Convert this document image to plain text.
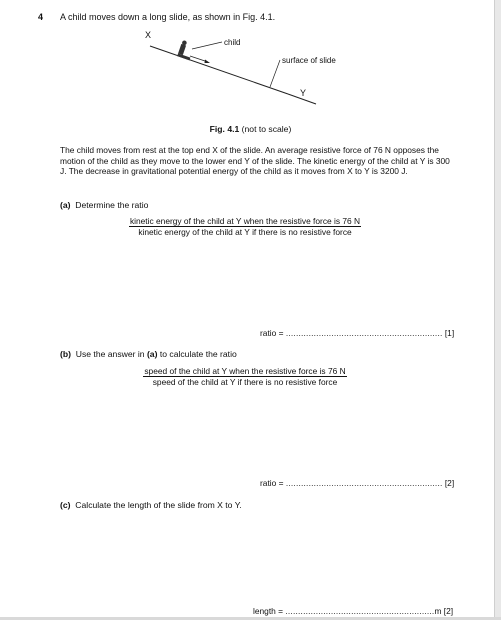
4 A child moves down a long slide, as shown in Fig. 4.1.
X
child
surface of slide
Y
Fig. 4.1 (not to scale)
The child moves from rest at the top end X of the slide. An average resistive force of 76 N opposes the motion of the child as they move to the lower end Y of the slide. The kinetic energy of the child at Y is 300 J. The decrease in gravitational potential energy of the child as it moves from X to Y is 3200 J.
(a) Determine the ratio
kinetic energy of the child at Y when the resistive force is 76 N
kinetic energy of the child at Y if there is no resistive force
ratio = .............................................................. [1]
(b) Use the answer in (a) to calculate the ratio
speed of the child at Y when the resistive force is 76 N
speed of the child at Y if there is no resistive force
ratio = .............................................................. [2]
(c) Calculate the length of the slide from X to Y.
length = ...........................................................m [2]
